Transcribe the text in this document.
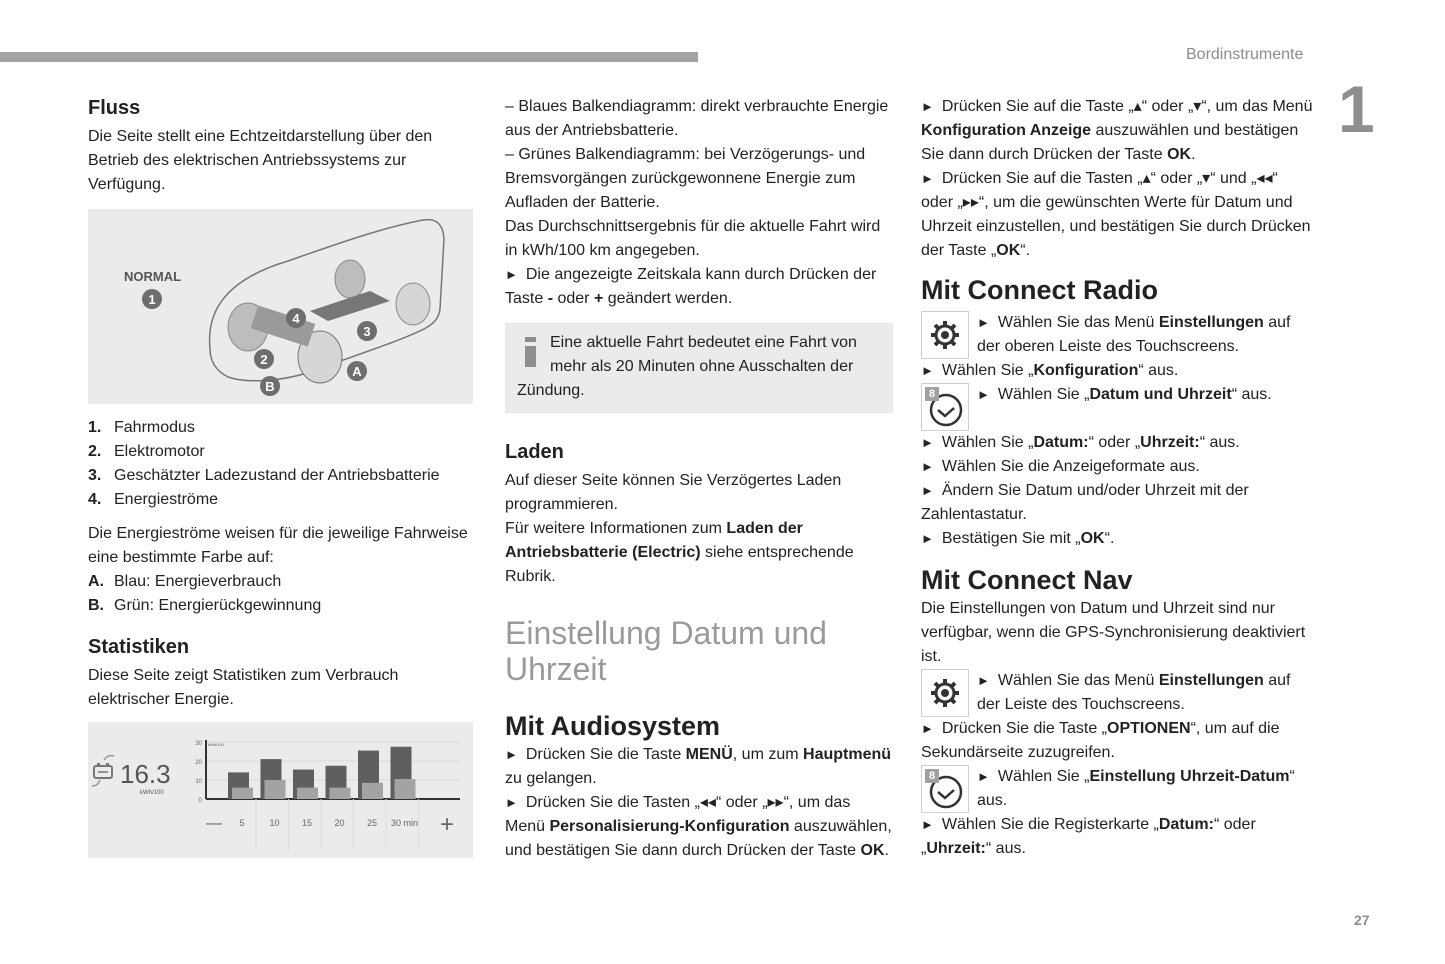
Bordinstrumente
1
27
Fluss

Die Seite stellt eine Echtzeitdarstellung über den Betrieb des elektrischen Antriebssystems zur Verfügung.

NORMAL
1
4
3
2
A
B
1. Fahrmodus
2. Elektromotor
3. Geschätzter Ladezustand der Antriebsbatterie
4. Energieströme

Die Energieströme weisen für die jeweilige Fahrweise eine bestimmte Farbe auf:

A. Blau: Energieverbrauch
B. Grün: Energierückgewinnung
Statistiken

Diese Seite zeigt Statistiken zum Verbrauch elektrischer Energie.

16.3
kWh/100
0
10
20
30 kWh/100
5	10 15 20 25 30 min
—	+

– Blaues Balkendiagramm: direkt verbrauchte Energie aus der Antriebsbatterie.

– Grünes Balkendiagramm: bei Verzögerungs- und Bremsvorgängen zurückgewonnene Energie zum Aufladen der Batterie.

Das Durchschnittsergebnis für die aktuelle Fahrt wird in kWh/100 km angegeben.

► Die angezeigte Zeitskala kann durch Drücken der Taste - oder + geändert werden.

Eine aktuelle Fahrt bedeutet eine Fahrt von mehr als 20 Minuten ohne Ausschalten der Zündung.
Laden

Auf dieser Seite können Sie Verzögertes Laden programmieren.

Für weitere Informationen zum Laden der Antriebsbatterie (Electric) siehe entsprechende Rubrik.

Einstellung Datum und Uhrzeit

Mit Audiosystem

► Drücken Sie die Taste MENÜ, um zum Hauptmenü zu gelangen.

► Drücken Sie die Tasten „◂◂“ oder „▸▸“, um das Menü Personalisierung-Konfiguration auszuwählen, und bestätigen Sie dann durch Drücken der Taste OK.

► Drücken Sie auf die Taste „▴“ oder „▾“, um das Menü Konfiguration Anzeige auszuwählen und bestätigen Sie dann durch Drücken der Taste OK.

► Drücken Sie auf die Tasten „▴“ oder „▾“ und „◂◂“ oder „▸▸“, um die gewünschten Werte für Datum und Uhrzeit einzustellen, und bestätigen Sie durch Drücken der Taste „OK“.

Mit Connect Radio

► Wählen Sie das Menü Einstellungen auf der oberen Leiste des Touchscreens.

► Wählen Sie „Konfiguration“ aus.

8	► Wählen Sie „Datum und Uhrzeit“ aus.

► Wählen Sie „Datum:“ oder „Uhrzeit:“ aus.

► Wählen Sie die Anzeigeformate aus.

► Ändern Sie Datum und/oder Uhrzeit mit der Zahlentastatur.

► Bestätigen Sie mit „OK“.

Mit Connect Nav

Die Einstellungen von Datum und Uhrzeit sind nur verfügbar, wenn die GPS-Synchronisierung deaktiviert ist.

► Wählen Sie das Menü Einstellungen auf der Leiste des Touchscreens.

► Drücken Sie die Taste „OPTIONEN“, um auf die Sekundärseite zuzugreifen.

8	► Wählen Sie „Einstellung Uhrzeit-Datum“ aus.

► Wählen Sie die Registerkarte „Datum:“ oder „Uhrzeit:“ aus.
